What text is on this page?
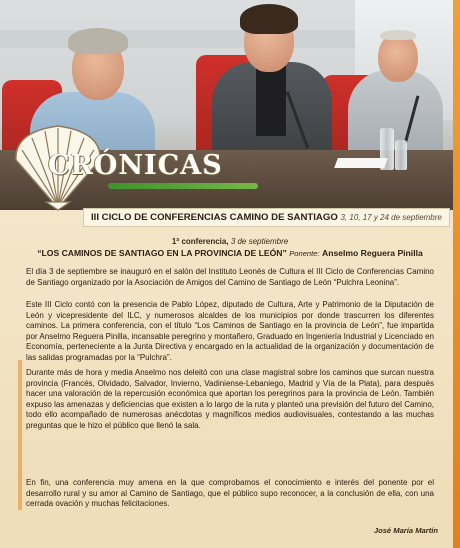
CRÓNICAS
III CICLO DE CONFERENCIAS CAMINO DE SANTIAGO 3, 10, 17 y 24 de septiembre
1ª conferencia, 3 de septiembre
“LOS CAMINOS DE SANTIAGO EN LA PROVINCIA DE LEÓN” Ponente: Anselmo Reguera Pinilla

El día 3 de septiembre se inauguró en el salón del Instituto Leonés de Cultura el III Ciclo de Conferencias Camino de Santiago organizado por la Asociación de Amigos del Camino de Santiago de León “Pulchra Leonina”.

Este III Ciclo contó con la presencia de Pablo López, diputado de Cultura, Arte y Patrimonio de la Diputación de León y vicepresidente del ILC, y numerosos alcaldes de los municipios por donde trascurren los diferentes caminos. La primera conferencia, con el título “Los Caminos de Santiago en la provincia de León”, fue impartida por Anselmo Reguera Pinilla, incansable peregrino y montañero, Graduado en Ingeniería Industrial y Licenciado en Economía, perteneciente a la Junta Directiva y encargado en la actualidad de la organización y documentación de las salidas programadas por la “Pulchra”.

Durante más de hora y media Anselmo nos deleitó con una clase magistral sobre los caminos que surcan nuestra provincia (Francés, Olvidado, Salvador, Invierno, Vadiniense-Lebaniego, Madrid y Vía de la Plata), para después hacer una valoración de la repercusión económica que aportan los peregrinos para la provincia de León. También expuso las amenazas y deficiencias que existen a lo largo de la ruta y planteó una previsión del futuro del Camino, todo ello acompañado de numerosas anécdotas y magníficos medios audiovisuales, contestando a las muchas preguntas que le hizo el público que llenó la sala.

En fin, una conferencia muy amena en la que comprobamos el conocimiento e interés del ponente por el desarrollo rural y su amor al Camino de Santiago, que el público supo reconocer, a la conclusión de ella, con una cerrada ovación y muchas felicitaciones.

José María Martín
